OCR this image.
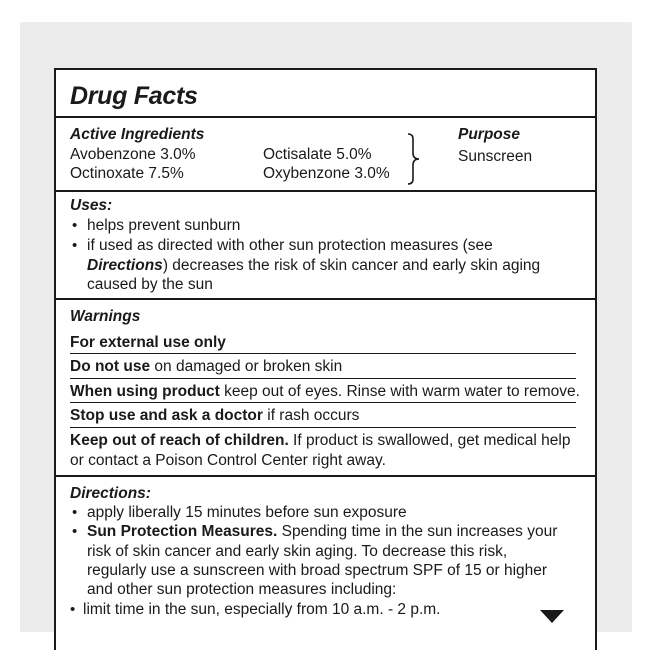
Drug Facts
Active Ingredients	Purpose
Avobenzone 3.0%	Octisalate 5.0%
Octinoxate 7.5%	Oxybenzone 3.0%
Sunscreen
Uses:
• helps prevent sunburn
• if used as directed with other sun protection measures (see
Directions) decreases the risk of skin cancer and early skin aging
caused by the sun
Warnings
For external use only
Do not use on damaged or broken skin
When using product keep out of eyes. Rinse with warm water to remove.
Stop use and ask a doctor if rash occurs
Keep out of reach of children. If product is swallowed, get medical help
or contact a Poison Control Center right away.
Directions:
• apply liberally 15 minutes before sun exposure
• Sun Protection Measures. Spending time in the sun increases your
risk of skin cancer and early skin aging. To decrease this risk,
regularly use a sunscreen with broad spectrum SPF of 15 or higher
and other sun protection measures including:
• limit time in the sun, especially from 10 a.m. - 2 p.m.
